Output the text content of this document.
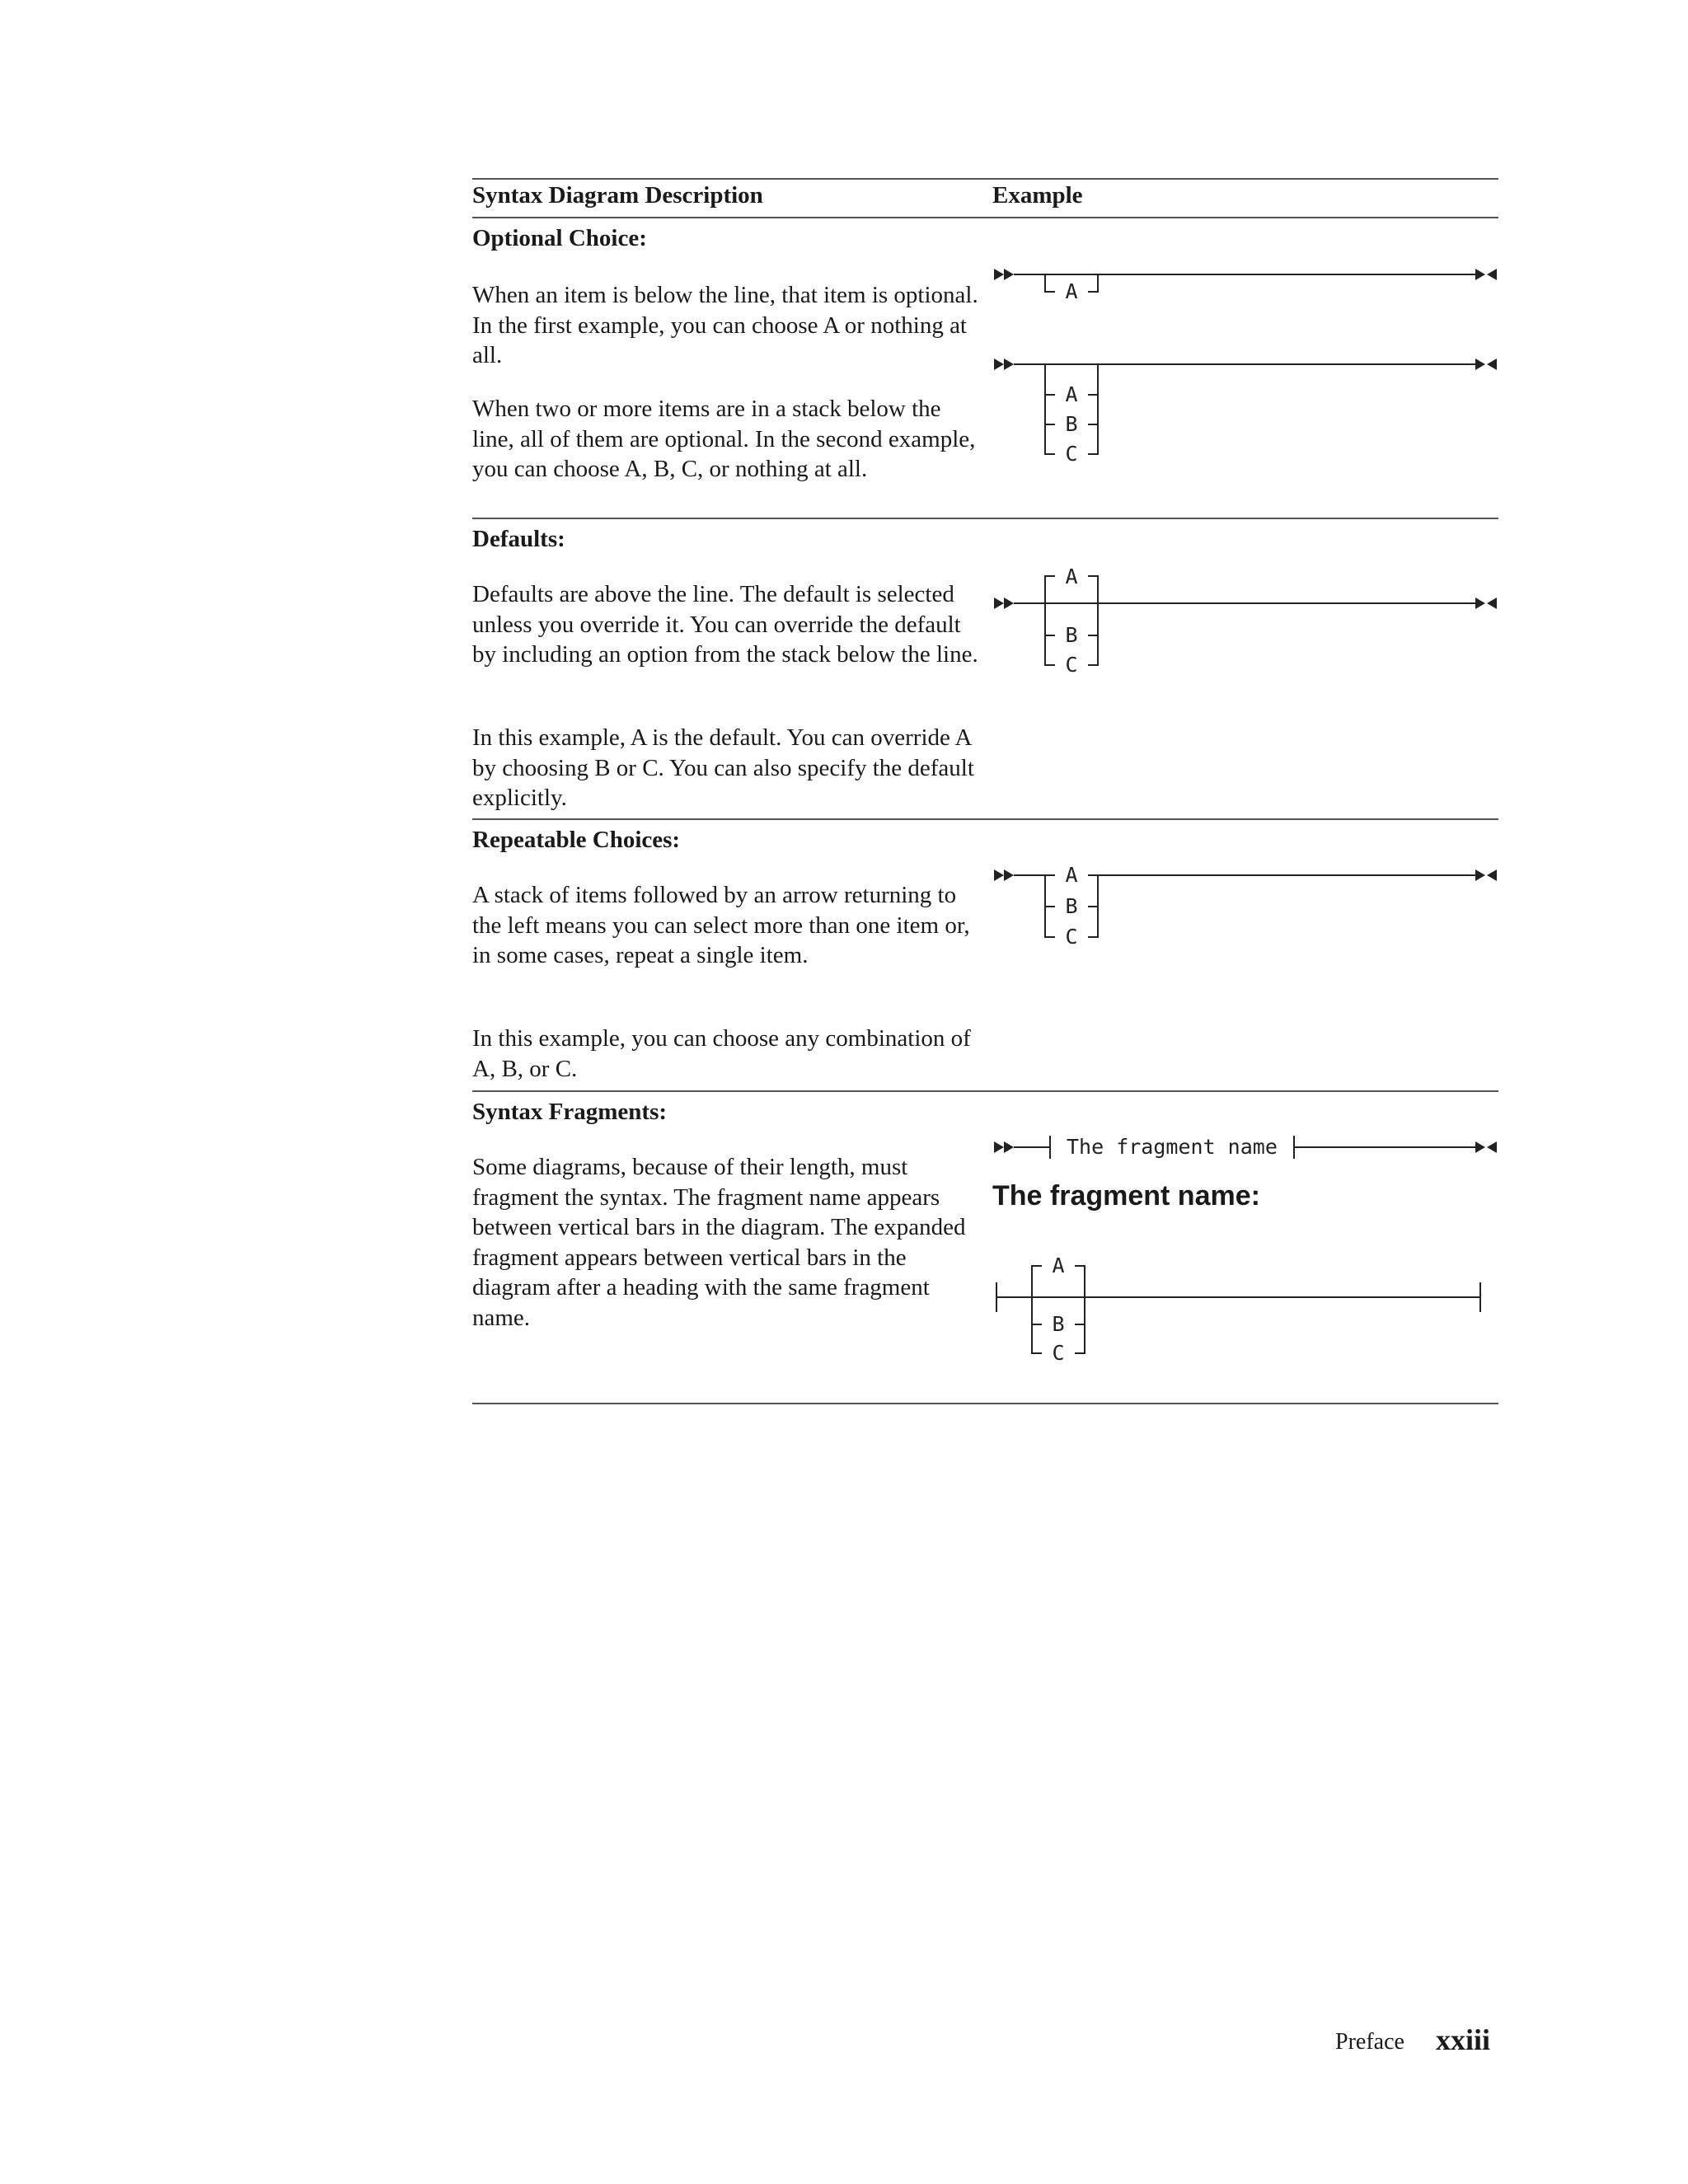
Syntax Diagram Description	Example
Optional Choice:

When an item is below the line, that item is optional. In the first example, you can choose A or nothing at all.

When two or more items are in a stack below the line, all of them are optional. In the second example, you can choose A, B, C, or nothing at all.

A
A
B
C
Defaults:

Defaults are above the line. The default is selected unless you override it. You can override the default by including an option from the stack below the line.

In this example, A is the default. You can override A by choosing B or C. You can also specify the default explicitly.

A
B
C
Repeatable Choices:

A stack of items followed by an arrow returning to the left means you can select more than one item or, in some cases, repeat a single item.

In this example, you can choose any combination of A, B, or C.

A
B
C
Syntax Fragments:

Some diagrams, because of their length, must fragment the syntax. The fragment name appears between vertical bars in the diagram. The expanded fragment appears between vertical bars in the diagram after a heading with the same fragment name.

The fragment name
The fragment name:
A
B
C
Preface xxiii
